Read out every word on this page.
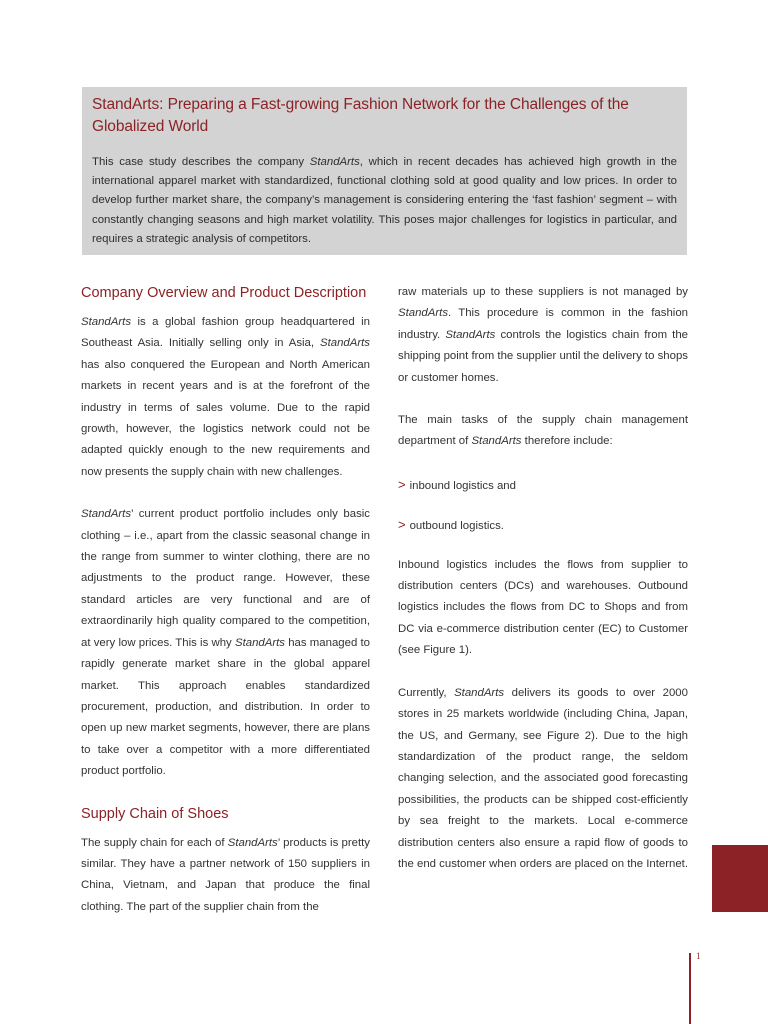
StandArts: Preparing a Fast-growing Fashion Network for the Challenges of the Globalized World

This case study describes the company StandArts, which in recent decades has achieved high growth in the international apparel market with standardized, functional clothing sold at good quality and low prices. In order to develop further market share, the company’s management is considering entering the ‘fast fashion’ segment – with constantly changing seasons and high market volatility. This poses major challenges for logistics in particular, and requires a strategic analysis of competitors.

Company Overview and Product Description

StandArts is a global fashion group headquartered in Southeast Asia. Initially selling only in Asia, StandArts has also conquered the European and North American markets in recent years and is at the forefront of the industry in terms of sales volume. Due to the rapid growth, however, the logistics network could not be adapted quickly enough to the new requirements and now presents the supply chain with new challenges.

StandArts’ current product portfolio includes only basic clothing – i.e., apart from the classic seasonal change in the range from summer to winter clothing, there are no adjustments to the product range. However, these standard articles are very functional and are of extraordinarily high quality compared to the competition, at very low prices. This is why StandArts has managed to rapidly generate market share in the global apparel market. This approach enables standardized procurement, production, and distribution. In order to open up new market segments, however, there are plans to take over a competitor with a more differentiated product portfolio.

Supply Chain of Shoes

The supply chain for each of StandArts’ products is pretty similar. They have a partner network of 150 suppliers in China, Vietnam, and Japan that produce the final clothing. The part of the supplier chain from the

raw materials up to these suppliers is not managed by StandArts. This procedure is common in the fashion industry. StandArts controls the logistics chain from the shipping point from the supplier until the delivery to shops or customer homes.

The main tasks of the supply chain management department of StandArts therefore include:

> inbound logistics and
> outbound logistics.

Inbound logistics includes the flows from supplier to distribution centers (DCs) and warehouses. Outbound logistics includes the flows from DC to Shops and from DC via e-commerce distribution center (EC) to Customer (see Figure 1).

Currently, StandArts delivers its goods to over 2000 stores in 25 markets worldwide (including China, Japan, the US, and Germany, see Figure 2). Due to the high standardization of the product range, the seldom changing selection, and the associated good forecasting possibilities, the products can be shipped cost-efficiently by sea freight to the markets. Local e-commerce distribution centers also ensure a rapid flow of goods to the end customer when orders are placed on the Internet.

1
